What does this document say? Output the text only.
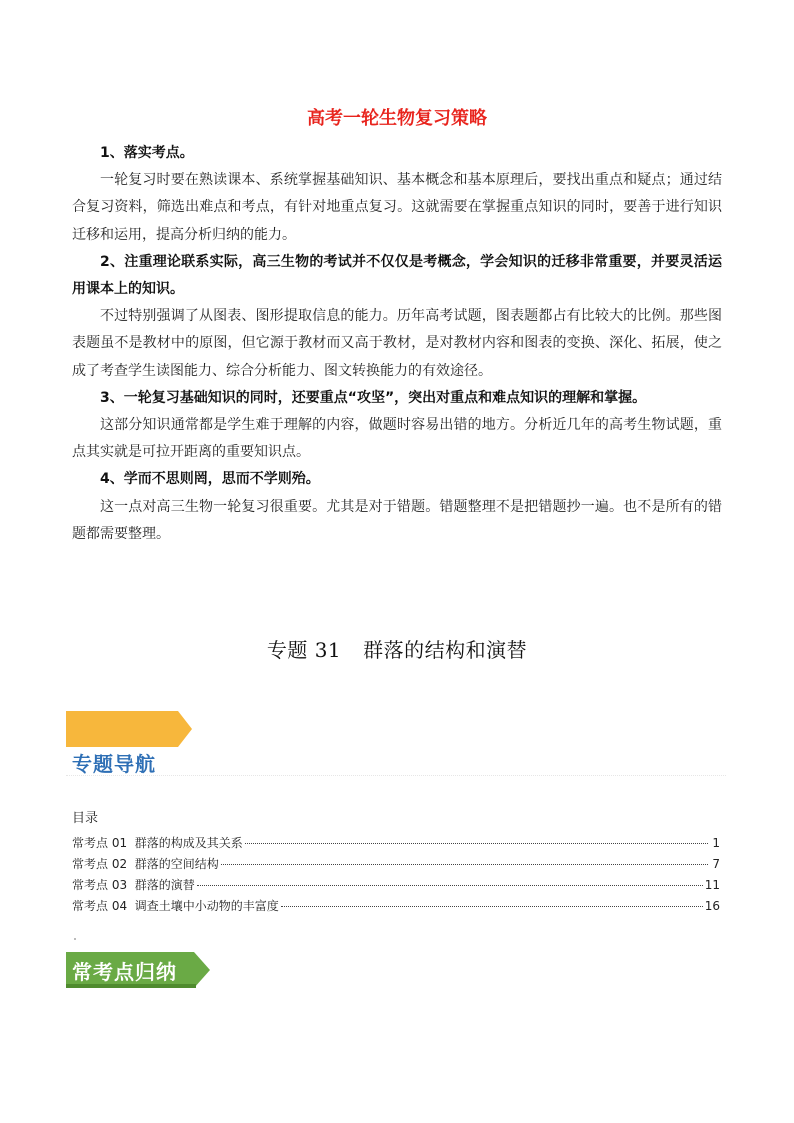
高考一轮生物复习策略

1、落实考点。

一轮复习时要在熟读课本、系统掌握基础知识、基本概念和基本原理后，要找出重点和疑点；通过结合复习资料，筛选出难点和考点，有针对地重点复习。这就需要在掌握重点知识的同时，要善于进行知识迁移和运用，提高分析归纳的能力。

2、注重理论联系实际，高三生物的考试并不仅仅是考概念，学会知识的迁移非常重要，并要灵活运用课本上的知识。

不过特别强调了从图表、图形提取信息的能力。历年高考试题，图表题都占有比较大的比例。那些图表题虽不是教材中的原图，但它源于教材而又高于教材，是对教材内容和图表的变换、深化、拓展，使之成了考查学生读图能力、综合分析能力、图文转换能力的有效途径。

3、一轮复习基础知识的同时，还要重点“攻坚”，突出对重点和难点知识的理解和掌握。

这部分知识通常都是学生难于理解的内容，做题时容易出错的地方。分析近几年的高考生物试题，重点其实就是可拉开距离的重要知识点。

4、学而不思则罔，思而不学则殆。

这一点对高三生物一轮复习很重要。尤其是对于错题。错题整理不是把错题抄一遍。也不是所有的错题都需要整理。

专题 31 群落的结构和演替
专题导航
目录
常考点 01  群落的构成及其关系	1
常考点 02  群落的空间结构	7
常考点 03  群落的演替	11
常考点 04  调查土壤中小动物的丰富度	16
常考点归纳
